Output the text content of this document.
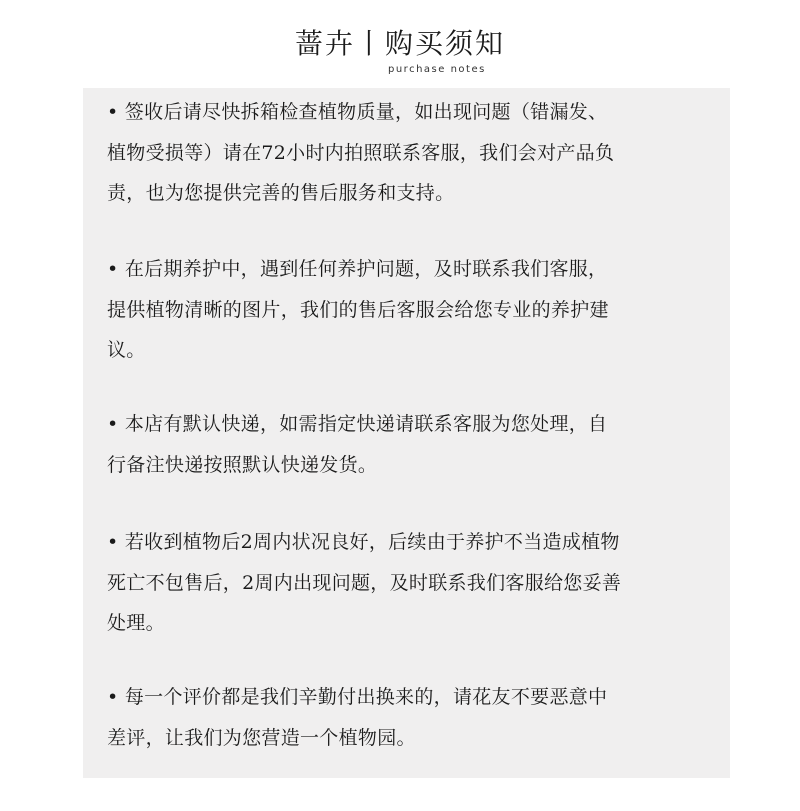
蔷卉丨购买须知
purchase notes
• 签收后请尽快拆箱检查植物质量，如出现问题（错漏发、
植物受损等）请在72小时内拍照联系客服，我们会对产品负
责，也为您提供完善的售后服务和支持。
• 在后期养护中，遇到任何养护问题，及时联系我们客服，
提供植物清晰的图片，我们的售后客服会给您专业的养护建
议。
• 本店有默认快递，如需指定快递请联系客服为您处理，自
行备注快递按照默认快递发货。
• 若收到植物后2周内状况良好，后续由于养护不当造成植物
死亡不包售后，2周内出现问题，及时联系我们客服给您妥善
处理。
• 每一个评价都是我们辛勤付出换来的，请花友不要恶意中
差评，让我们为您营造一个植物园。
